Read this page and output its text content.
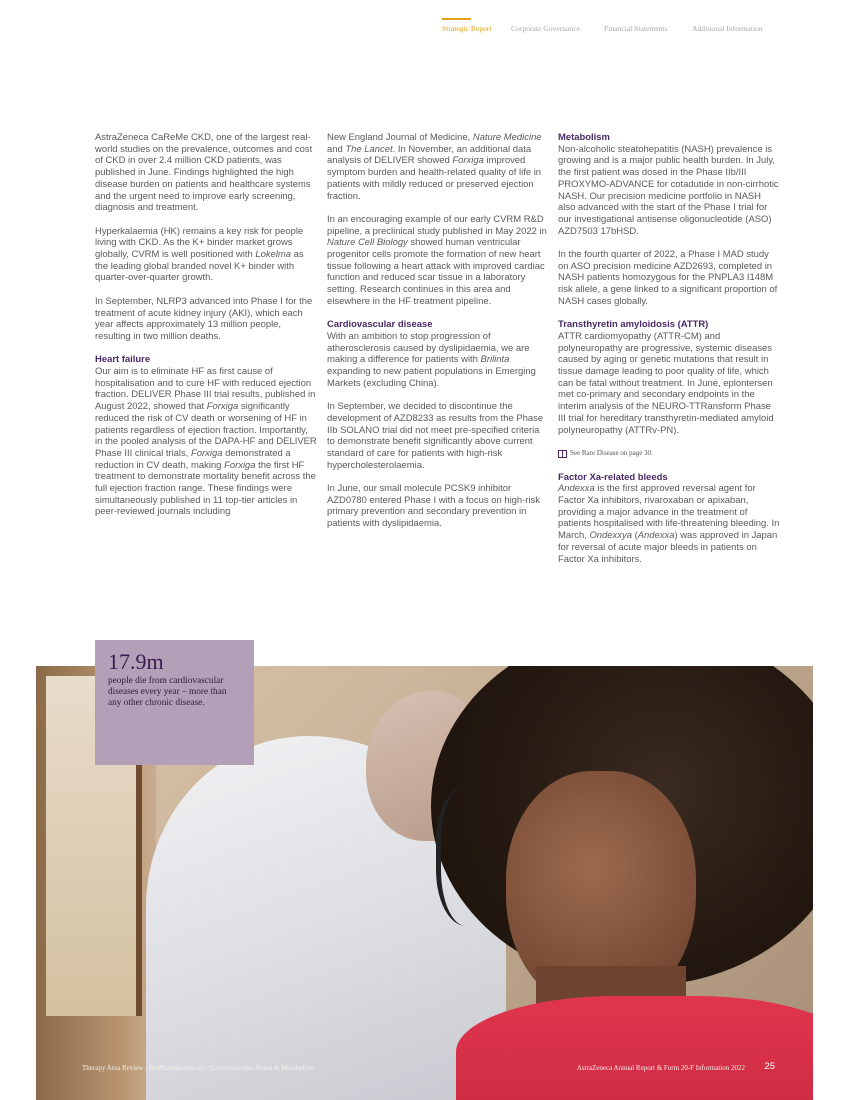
Strategic Report	Corporate Governance	Financial Statements	Additional Information

AstraZeneca CaReMe CKD, one of the largest real-world studies on the prevalence, outcomes and cost of CKD in over 2.4 million CKD patients, was published in June. Findings highlighted the high disease burden on patients and healthcare systems and the urgent need to improve early screening, diagnosis and treatment.

Hyperkalaemia (HK) remains a key risk for people living with CKD. As the K+ binder market grows globally, CVRM is well positioned with Lokelma as the leading global branded novel K+ binder with quarter-over-quarter growth.

In September, NLRP3 advanced into Phase I for the treatment of acute kidney injury (AKI), which each year affects approximately 13 million people, resulting in two million deaths.

Heart failure

Our aim is to eliminate HF as first cause of hospitalisation and to cure HF with reduced ejection fraction. DELIVER Phase III trial results, published in August 2022, showed that Forxiga significantly reduced the risk of CV death or worsening of HF in patients regardless of ejection fraction. Importantly, in the pooled analysis of the DAPA-HF and DELIVER Phase III clinical trials, Forxiga demonstrated a reduction in CV death, making Forxiga the first HF treatment to demonstrate mortality benefit across the full ejection fraction range. These findings were simultaneously published in 11 top-tier articles in peer-reviewed journals including

New England Journal of Medicine, Nature Medicine and The Lancet. In November, an additional data analysis of DELIVER showed Forxiga improved symptom burden and health-related quality of life in patients with mildly reduced or preserved ejection fraction.

In an encouraging example of our early CVRM R&D pipeline, a preclinical study published in May 2022 in Nature Cell Biology showed human ventricular progenitor cells promote the formation of new heart tissue following a heart attack with improved cardiac function and reduced scar tissue in a laboratory setting. Research continues in this area and elsewhere in the HF treatment pipeline.

Cardiovascular disease

With an ambition to stop progression of atherosclerosis caused by dyslipidaemia, we are making a difference for patients with Brilinta expanding to new patient populations in Emerging Markets (excluding China).

In September, we decided to discontinue the development of AZD8233 as results from the Phase IIb SOLANO trial did not meet pre-specified criteria to demonstrate benefit significantly above current standard of care for patients with high-risk hypercholesterolaemia.

In June, our small molecule PCSK9 inhibitor AZD0780 entered Phase I with a focus on high-risk primary prevention and secondary prevention in patients with dyslipidaemia.

Metabolism

Non-alcoholic steatohepatitis (NASH) prevalence is growing and is a major public health burden. In July, the first patient was dosed in the Phase IIb/III PROXYMO-ADVANCE for cotadutide in non-cirrhotic NASH. Our precision medicine portfolio in NASH also advanced with the start of the Phase I trial for our investigational antisense oligonucleotide (ASO) AZD7503 17bHSD.

In the fourth quarter of 2022, a Phase I MAD study on ASO precision medicine AZD2693, completed in NASH patients homozygous for the PNPLA3 I148M risk allele, a gene linked to a significant proportion of NASH cases globally.

Transthyretin amyloidosis (ATTR)

ATTR cardiomyopathy (ATTR-CM) and polyneuropathy are progressive, systemic diseases caused by aging or genetic mutations that result in tissue damage leading to poor quality of life, which can be fatal without treatment. In June, eplontersen met co-primary and secondary endpoints in the interim analysis of the NEURO-TTRansform Phase III trial for hereditary transthyretin-mediated amyloid polyneuropathy (ATTRv-PN).

See Rare Disease on page 30.

Factor Xa-related bleeds

Andexxa is the first approved reversal agent for Factor Xa inhibitors, rivaroxaban or apixaban, providing a major advance in the treatment of patients hospitalised with life-threatening bleeding. In March, Ondexxya (Andexxa) was approved in Japan for reversal of acute major bleeds in patients on Factor Xa inhibitors.

Therapy Area Review / BioPharmaceuticals / Cardiovascular, Renal & Metabolism	AstraZeneca Annual Report & Form 20-F Information 2022 25
17.9m
people die from cardiovascular diseases every year – more than any other chronic disease.
